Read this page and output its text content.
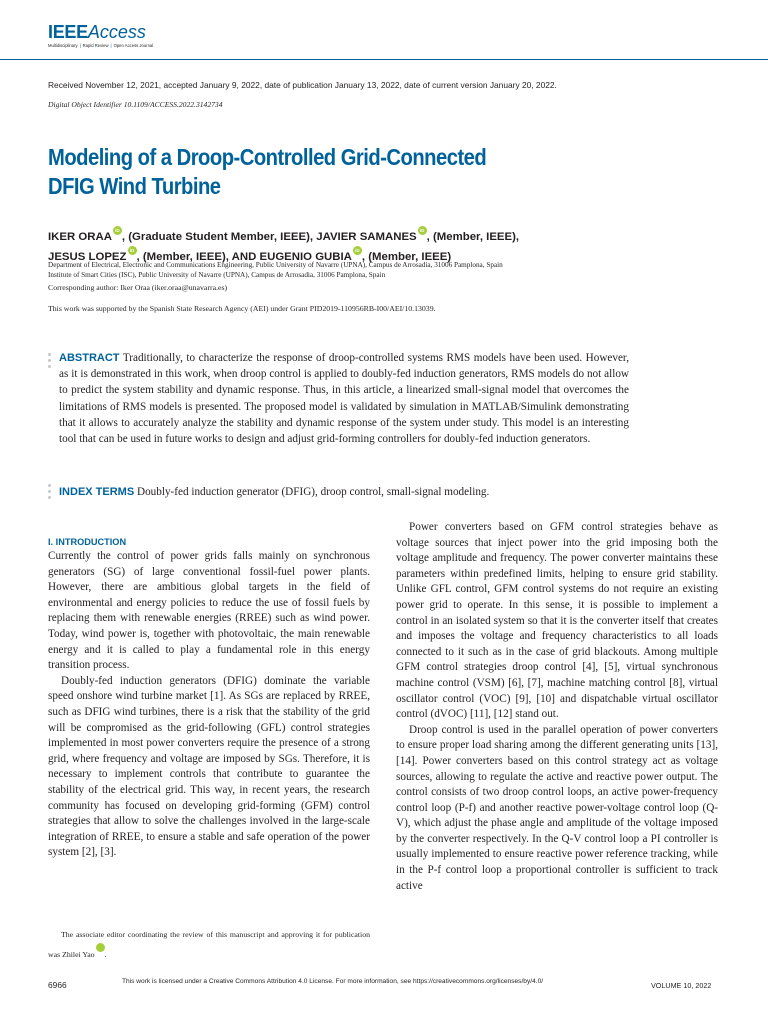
IEEEAccess
Multidisciplinary | Rapid Review | Open Access Journal
Received November 12, 2021, accepted January 9, 2022, date of publication January 13, 2022, date of current version January 20, 2022.
Digital Object Identifier 10.1109/ACCESS.2022.3142734
Modeling of a Droop-Controlled Grid-Connected
DFIG Wind Turbine
IKER ORAAiD , (Graduate Student Member, IEEE), JAVIER SAMANESiD , (Member, IEEE),
JESUS LOPEZiD , (Member, IEEE), AND EUGENIO GUBIAiD , (Member, IEEE)
Department of Electrical, Electronic and Communications Engineering, Public University of Navarre (UPNA), Campus de Arrosadia, 31006 Pamplona, Spain
Institute of Smart Cities (ISC), Public University of Navarre (UPNA), Campus de Arrosadia, 31006 Pamplona, Spain
Corresponding author: Iker Oraa (iker.oraa@unavarra.es)
This work was supported by the Spanish State Research Agency (AEI) under Grant PID2019-110956RB-I00/AEI/10.13039.
ABSTRACT Traditionally, to characterize the response of droop-controlled systems RMS models have been used. However, as it is demonstrated in this work, when droop control is applied to doubly-fed induction generators, RMS models do not allow to predict the system stability and dynamic response. Thus, in this article, a linearized small-signal model that overcomes the limitations of RMS models is presented. The proposed model is validated by simulation in MATLAB/Simulink demonstrating that it allows to accurately analyze the stability and dynamic response of the system under study. This model is an interesting tool that can be used in future works to design and adjust grid-forming controllers for doubly-fed induction generators.
INDEX TERMS Doubly-fed induction generator (DFIG), droop control, small-signal modeling.
I. INTRODUCTION

Currently the control of power grids falls mainly on synchronous generators (SG) of large conventional fossil-fuel power plants. However, there are ambitious global targets in the field of environmental and energy policies to reduce the use of fossil fuels by replacing them with renewable energies (RREE) such as wind power. Today, wind power is, together with photovoltaic, the main renewable energy and it is called to play a fundamental role in this energy transition process.

Doubly-fed induction generators (DFIG) dominate the variable speed onshore wind turbine market [1]. As SGs are replaced by RREE, such as DFIG wind turbines, there is a risk that the stability of the grid will be compromised as the grid-following (GFL) control strategies implemented in most power converters require the presence of a strong grid, where frequency and voltage are imposed by SGs. Therefore, it is necessary to implement controls that contribute to guarantee the stability of the electrical grid. This way, in recent years, the research community has focused on developing grid-forming (GFM) control strategies that allow to solve the challenges involved in the large-scale integration of RREE, to ensure a stable and safe operation of the power system [2], [3].

The associate editor coordinating the review of this manuscript and approving it for publication was Zhilei YaoiD .

Power converters based on GFM control strategies behave as voltage sources that inject power into the grid imposing both the voltage amplitude and frequency. The power converter maintains these parameters within predefined limits, helping to ensure grid stability. Unlike GFL control, GFM control systems do not require an existing power grid to operate. In this sense, it is possible to implement a control in an isolated system so that it is the converter itself that creates and imposes the voltage and frequency characteristics to all loads connected to it such as in the case of grid blackouts. Among multiple GFM control strategies droop control [4], [5], virtual synchronous machine control (VSM) [6], [7], machine matching control [8], virtual oscillator control (VOC) [9], [10] and dispatchable virtual oscillator control (dVOC) [11], [12] stand out.

Droop control is used in the parallel operation of power converters to ensure proper load sharing among the different generating units [13], [14]. Power converters based on this control strategy act as voltage sources, allowing to regulate the active and reactive power output. The control consists of two droop control loops, an active power-frequency control loop (P-f) and another reactive power-voltage control loop (Q-V), which adjust the phase angle and amplitude of the voltage imposed by the converter respectively. In the Q-V control loop a PI controller is usually implemented to ensure reactive power reference tracking, while in the P-f control loop a proportional controller is sufficient to track active

6966	This work is licensed under a Creative Commons Attribution 4.0 License. For more information, see https://creativecommons.org/licenses/by/4.0/	VOLUME 10, 2022
